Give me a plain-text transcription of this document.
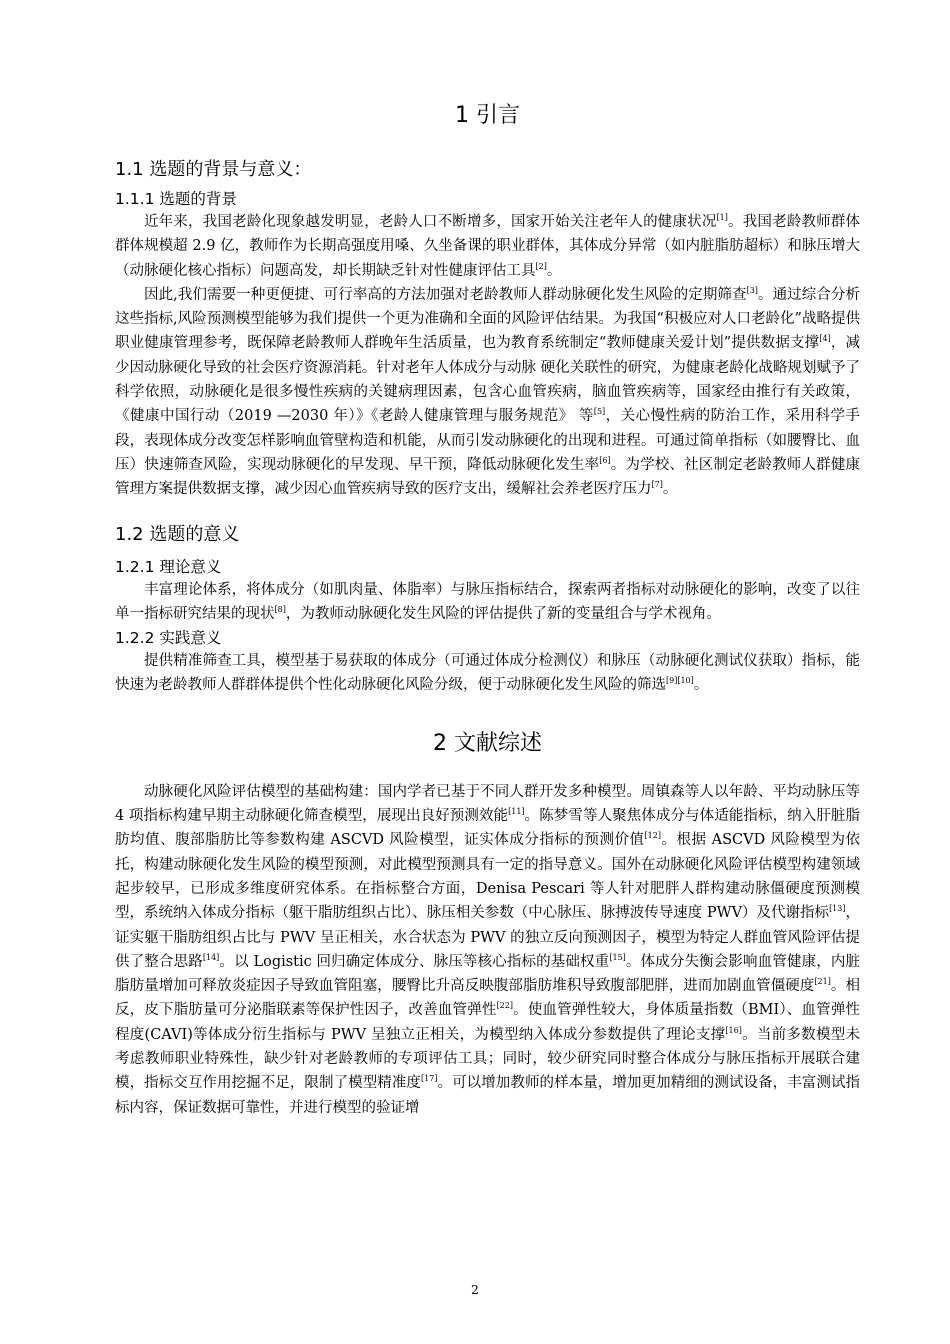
1 引言
1.1 选题的背景与意义：
1.1.1 选题的背景

近年来，我国老龄化现象越发明显，老龄人口不断增多，国家开始关注老年人的健康状况[1]。我国老龄教师群体群体规模超 2.9 亿，教师作为长期高强度用嗓、久坐备课的职业群体，其体成分异常（如内脏脂肪超标）和脉压增大（动脉硬化核心指标）问题高发，却长期缺乏针对性健康评估工具[2]。

因此,我们需要一种更便捷、可行率高的方法加强对老龄教师人群动脉硬化发生风险的定期筛查[3]。通过综合分析这些指标,风险预测模型能够为我们提供一个更为准确和全面的风险评估结果。为我国“积极应对人口老龄化”战略提供职业健康管理参考，既保障老龄教师人群晚年生活质量，也为教育系统制定“教师健康关爱计划”提供数据支撑[4]，减少因动脉硬化导致的社会医疗资源消耗。针对老年人体成分与动脉 硬化关联性的研究，为健康老龄化战略规划赋予了科学依照，动脉硬化是很多慢性疾病的关键病理因素，包含心血管疾病，脑血管疾病等，国家经由推行有关政策，《健康中国行动（2019 —2030 年）》《老龄人健康管理与服务规范》 等[5]，关心慢性病的防治工作，采用科学手 段，表现体成分改变怎样影响血管壁构造和机能，从而引发动脉硬化的出现和进程。可通过简单指标（如腰臀比、血压）快速筛查风险，实现动脉硬化的早发现、早干预，降低动脉硬化发生率[6]。为学校、社区制定老龄教师人群健康管理方案提供数据支撑，减少因心血管疾病导致的医疗支出，缓解社会养老医疗压力[7]。

1.2 选题的意义
1.2.1 理论意义

丰富理论体系，将体成分（如肌肉量、体脂率）与脉压指标结合，探索两者指标对动脉硬化的影响，改变了以往单一指标研究结果的现状[8]，为教师动脉硬化发生风险的评估提供了新的变量组合与学术视角。

1.2.2 实践意义

提供精准筛查工具，模型基于易获取的体成分（可通过体成分检测仪）和脉压（动脉硬化测试仪获取）指标，能快速为老龄教师人群群体提供个性化动脉硬化风险分级，便于动脉硬化发生风险的筛选[9][10]。

2 文献综述

动脉硬化风险评估模型的基础构建：国内学者已基于不同人群开发多种模型。周镇森等人以年龄、平均动脉压等 4 项指标构建早期主动脉硬化筛查模型，展现出良好预测效能[11]。陈梦雪等人聚焦体成分与体适能指标，纳入肝脏脂肪均值、腹部脂肪比等参数构建 ASCVD 风险模型，证实体成分指标的预测价值[12]。根据 ASCVD 风险模型为依托，构建动脉硬化发生风险的模型预测，对此模型预测具有一定的指导意义。国外在动脉硬化风险评估模型构建领域起步较早，已形成多维度研究体系。在指标整合方面，Denisa Pescari 等人针对肥胖人群构建动脉僵硬度预测模型，系统纳入体成分指标（躯干脂肪组织占比）、脉压相关参数（中心脉压、脉搏波传导速度 PWV）及代谢指标[13]，证实躯干脂肪组织占比与 PWV 呈正相关，水合状态为 PWV 的独立反向预测因子，模型为特定人群血管风险评估提供了整合思路[14]。以 Logistic 回归确定体成分、脉压等核心指标的基础权重[15]。体成分失衡会影响血管健康，内脏脂肪量增加可释放炎症因子导致血管阻塞，腰臀比升高反映腹部脂肪堆积导致腹部肥胖，进而加剧血管僵硬度[21]。相反，皮下脂肪量可分泌脂联素等保护性因子，改善血管弹性[22]。使血管弹性较大，身体质量指数（BMI）、血管弹性程度(CAVI)等体成分衍生指标与 PWV 呈独立正相关，为模型纳入体成分参数提供了理论支撑[16]。当前多数模型未考虑教师职业特殊性，缺少针对老龄教师的专项评估工具；同时，较少研究同时整合体成分与脉压指标开展联合建模，指标交互作用挖掘不足，限制了模型精准度[17]。可以增加教师的样本量，增加更加精细的测试设备，丰富测试指标内容，保证数据可靠性，并进行模型的验证增

2
